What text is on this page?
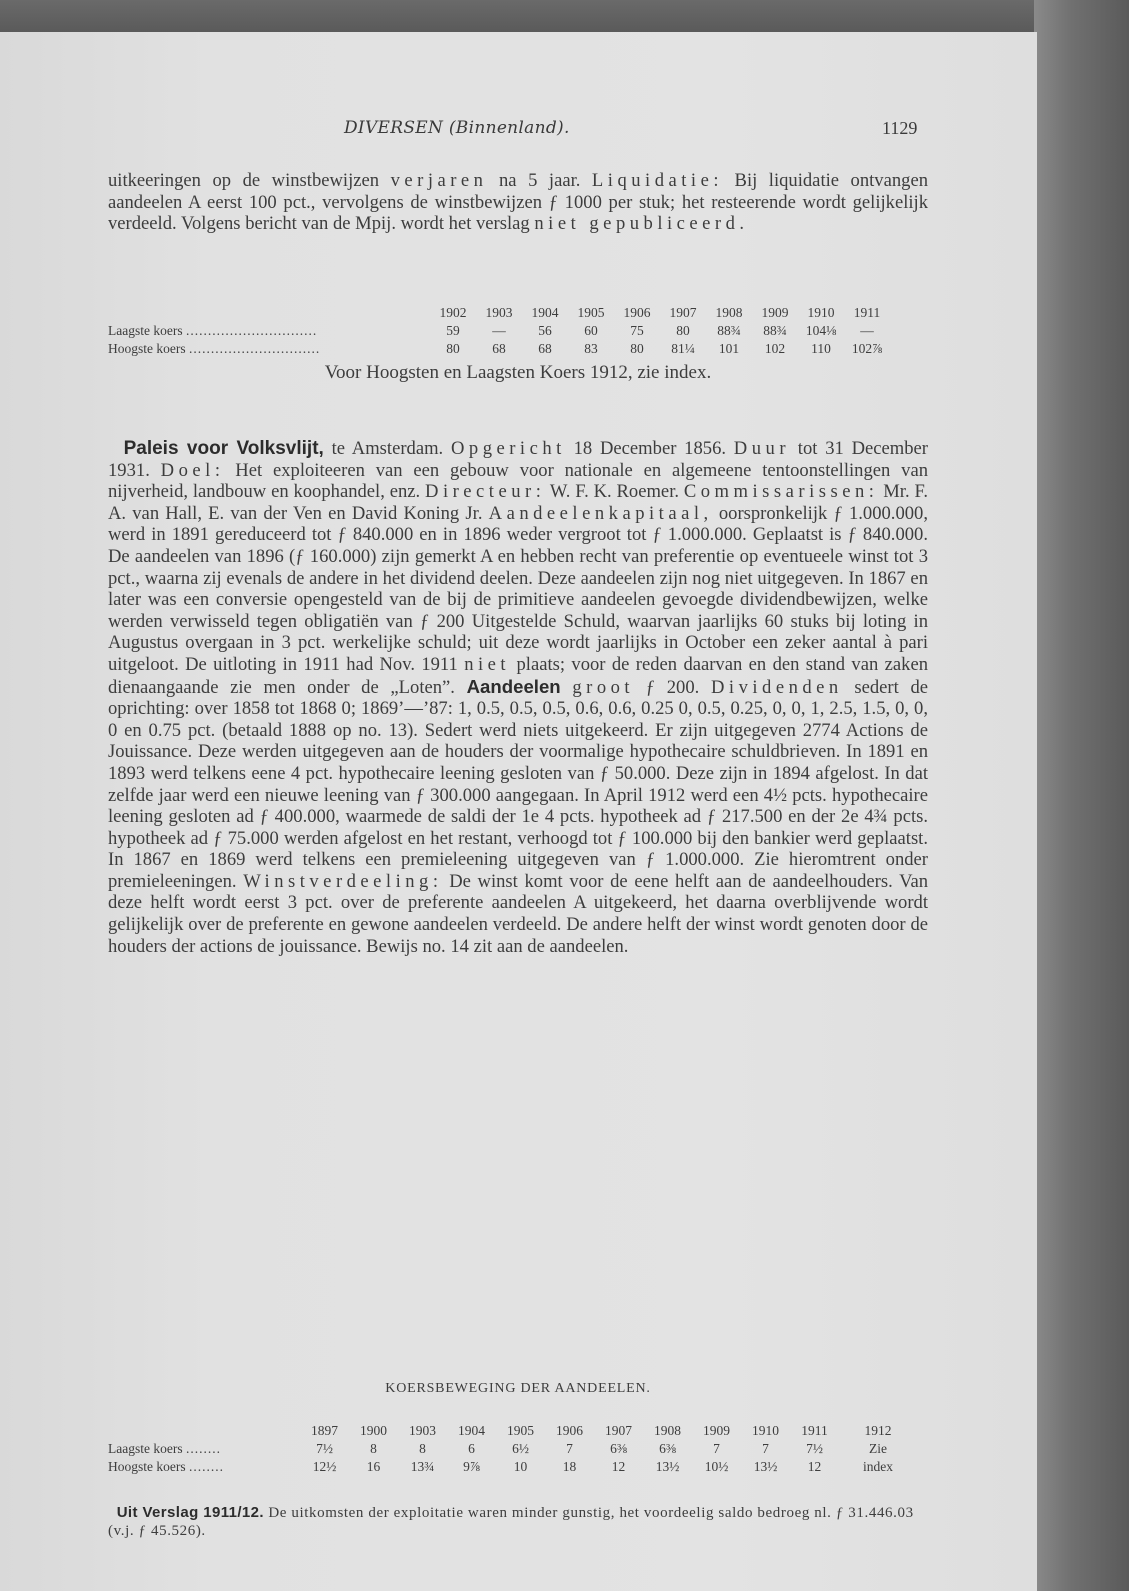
DIVERSEN (Binnenland).	1129

uitkeeringen op de winstbewijzen verjaren na 5 jaar. Liquidatie: Bij liquidatie ontvangen aandeelen A eerst 100 pct., vervolgens de winstbewijzen ƒ 1000 per stuk; het resteerende wordt gelijkelijk verdeeld. Volgens bericht van de Mpij. wordt het verslag niet gepubliceerd.

	1902	1903	1904	1905	1906	1907	1908	1909	1910	1911
Laagste koers ..............................	59	—	56	60	75	80	88¾	88¾	104⅛	—
Hoogste koers ..............................	80	68	68	83	80	81¼	101	102	110	102⅞
Voor Hoogsten en Laagsten Koers 1912, zie index.

Paleis voor Volksvlijt, te Amsterdam. Opgericht 18 December 1856. Duur tot 31 December 1931. Doel: Het exploiteeren van een gebouw voor nationale en algemeene tentoonstellingen van nijverheid, landbouw en koophandel, enz. Directeur: W. F. K. Roemer. Commissarissen: Mr. F. A. van Hall, E. van der Ven en David Koning Jr. Aandeelenkapitaal, oorspronkelijk ƒ 1.000.000, werd in 1891 gereduceerd tot ƒ 840.000 en in 1896 weder vergroot tot ƒ 1.000.000. Geplaatst is ƒ 840.000. De aandeelen van 1896 (ƒ 160.000) zijn gemerkt A en hebben recht van preferentie op eventueele winst tot 3 pct., waarna zij evenals de andere in het dividend deelen. Deze aandeelen zijn nog niet uitgegeven. In 1867 en later was een conversie opengesteld van de bij de primitieve aandeelen gevoegde dividendbewijzen, welke werden verwisseld tegen obligatiën van ƒ 200 Uitgestelde Schuld, waarvan jaarlijks 60 stuks bij loting in Augustus overgaan in 3 pct. werkelijke schuld; uit deze wordt jaarlijks in October een zeker aantal à pari uitgeloot. De uitloting in 1911 had Nov. 1911 niet plaats; voor de reden daarvan en den stand van zaken dienaangaande zie men onder de „Loten”. Aandeelen groot ƒ 200. Dividenden sedert de oprichting: over 1858 tot 1868 0; 1869’—’87: 1, 0.5, 0.5, 0.5, 0.6, 0.6, 0.25 0, 0.5, 0.25, 0, 0, 1, 2.5, 1.5, 0, 0, 0 en 0.75 pct. (betaald 1888 op no. 13). Sedert werd niets uitgekeerd. Er zijn uitgegeven 2774 Actions de Jouissance. Deze werden uitgegeven aan de houders der voormalige hypothecaire schuldbrieven. In 1891 en 1893 werd telkens eene 4 pct. hypothecaire leening gesloten van ƒ 50.000. Deze zijn in 1894 afgelost. In dat zelfde jaar werd een nieuwe leening van ƒ 300.000 aangegaan. In April 1912 werd een 4½ pcts. hypothecaire leening gesloten ad ƒ 400.000, waarmede de saldi der 1e 4 pcts. hypotheek ad ƒ 217.500 en der 2e 4¾ pcts. hypotheek ad ƒ 75.000 werden afgelost en het restant, verhoogd tot ƒ 100.000 bij den bankier werd geplaatst. In 1867 en 1869 werd telkens een premieleening uitgegeven van ƒ 1.000.000. Zie hieromtrent onder premieleeningen. Winstverdeeling: De winst komt voor de eene helft aan de aandeelhouders. Van deze helft wordt eerst 3 pct. over de preferente aandeelen A uitgekeerd, het daarna overblijvende wordt gelijkelijk over de preferente en gewone aandeelen verdeeld. De andere helft der winst wordt genoten door de houders der actions de jouissance. Bewijs no. 14 zit aan de aandeelen.

KOERSBEWEGING DER AANDEELEN.
	1897	1900	1903	1904	1905	1906	1907	1908	1909	1910	1911	1912
Laagste koers ........	7½	8	8	6	6½	7	6⅜	6⅜	7	7	7½	Zie
Hoogste koers ........	12½	16	13¾	9⅞	10	18	12	13½	10½	13½	12	index
Uit Verslag 1911/12. De uitkomsten der exploitatie waren minder gunstig, het voordeelig saldo bedroeg nl. ƒ 31.446.03 (v.j. ƒ 45.526).
